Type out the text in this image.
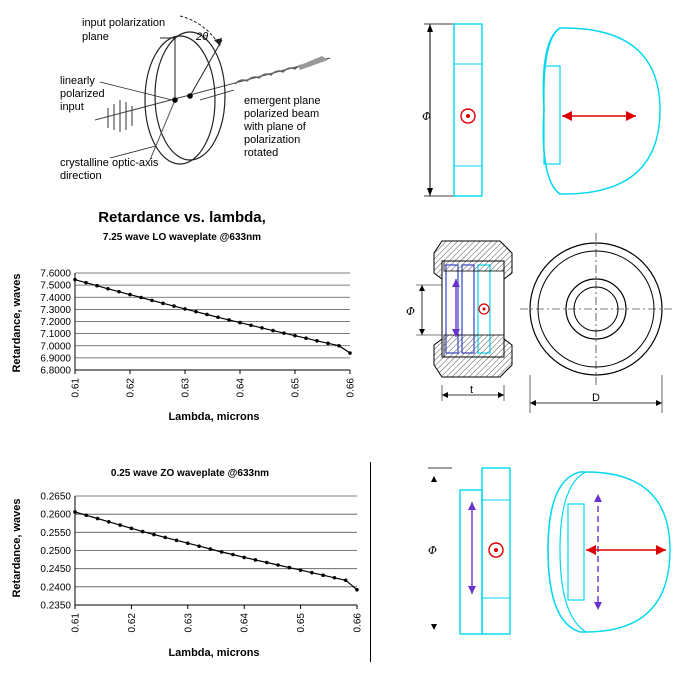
input polarization
plane	2θ
linearly
polarized
input	emergent plane
polarized beam
with plane of
polarization
rotated
crystalline optic-axis
direction
Φ
Retardance vs. lambda,
7.25 wave LO waveplate @633nm
Retardance, waves
Lambda, microns
7.6000
7.5000
7.4000
7.3000
7.2000
7.1000
7.0000
6.9000
6.8000
0.61	0.62	0.63	0.64	0.65	0.66
Φ
t
D
0.25 wave ZO waveplate @633nm
Retardance, waves
Lambda, microns
0.2650
0.2600
0.2550
0.2500
0.2450
0.2400
0.2350
0.61	0.62	0.63	0.64	0.65	0.66
Φ
